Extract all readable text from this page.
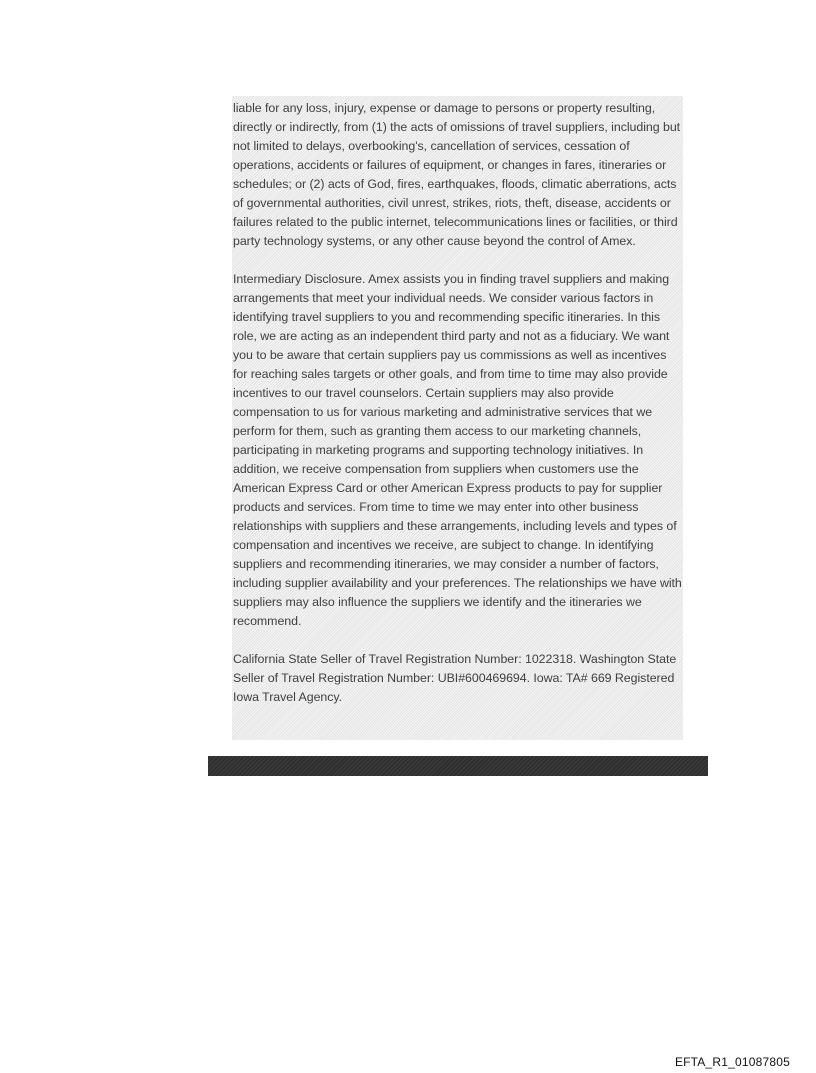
liable for any loss, injury, expense or damage to persons or property resulting, directly or indirectly, from (1) the acts of omissions of travel suppliers, including but not limited to delays, overbooking's, cancellation of services, cessation of operations, accidents or failures of equipment, or changes in fares, itineraries or schedules; or (2) acts of God, fires, earthquakes, floods, climatic aberrations, acts of governmental authorities, civil unrest, strikes, riots, theft, disease, accidents or failures related to the public internet, telecommunications lines or facilities, or third party technology systems, or any other cause beyond the control of Amex.

Intermediary Disclosure. Amex assists you in finding travel suppliers and making arrangements that meet your individual needs. We consider various factors in identifying travel suppliers to you and recommending specific itineraries. In this role, we are acting as an independent third party and not as a fiduciary. We want you to be aware that certain suppliers pay us commissions as well as incentives for reaching sales targets or other goals, and from time to time may also provide incentives to our travel counselors. Certain suppliers may also provide compensation to us for various marketing and administrative services that we perform for them, such as granting them access to our marketing channels, participating in marketing programs and supporting technology initiatives. In addition, we receive compensation from suppliers when customers use the American Express Card or other American Express products to pay for supplier products and services. From time to time we may enter into other business relationships with suppliers and these arrangements, including levels and types of compensation and incentives we receive, are subject to change. In identifying suppliers and recommending itineraries, we may consider a number of factors, including supplier availability and your preferences. The relationships we have with suppliers may also influence the suppliers we identify and the itineraries we recommend.

California State Seller of Travel Registration Number: 1022318. Washington State Seller of Travel Registration Number: UBI#600469694. Iowa: TA# 669 Registered Iowa Travel Agency.

EFTA_R1_01087805
